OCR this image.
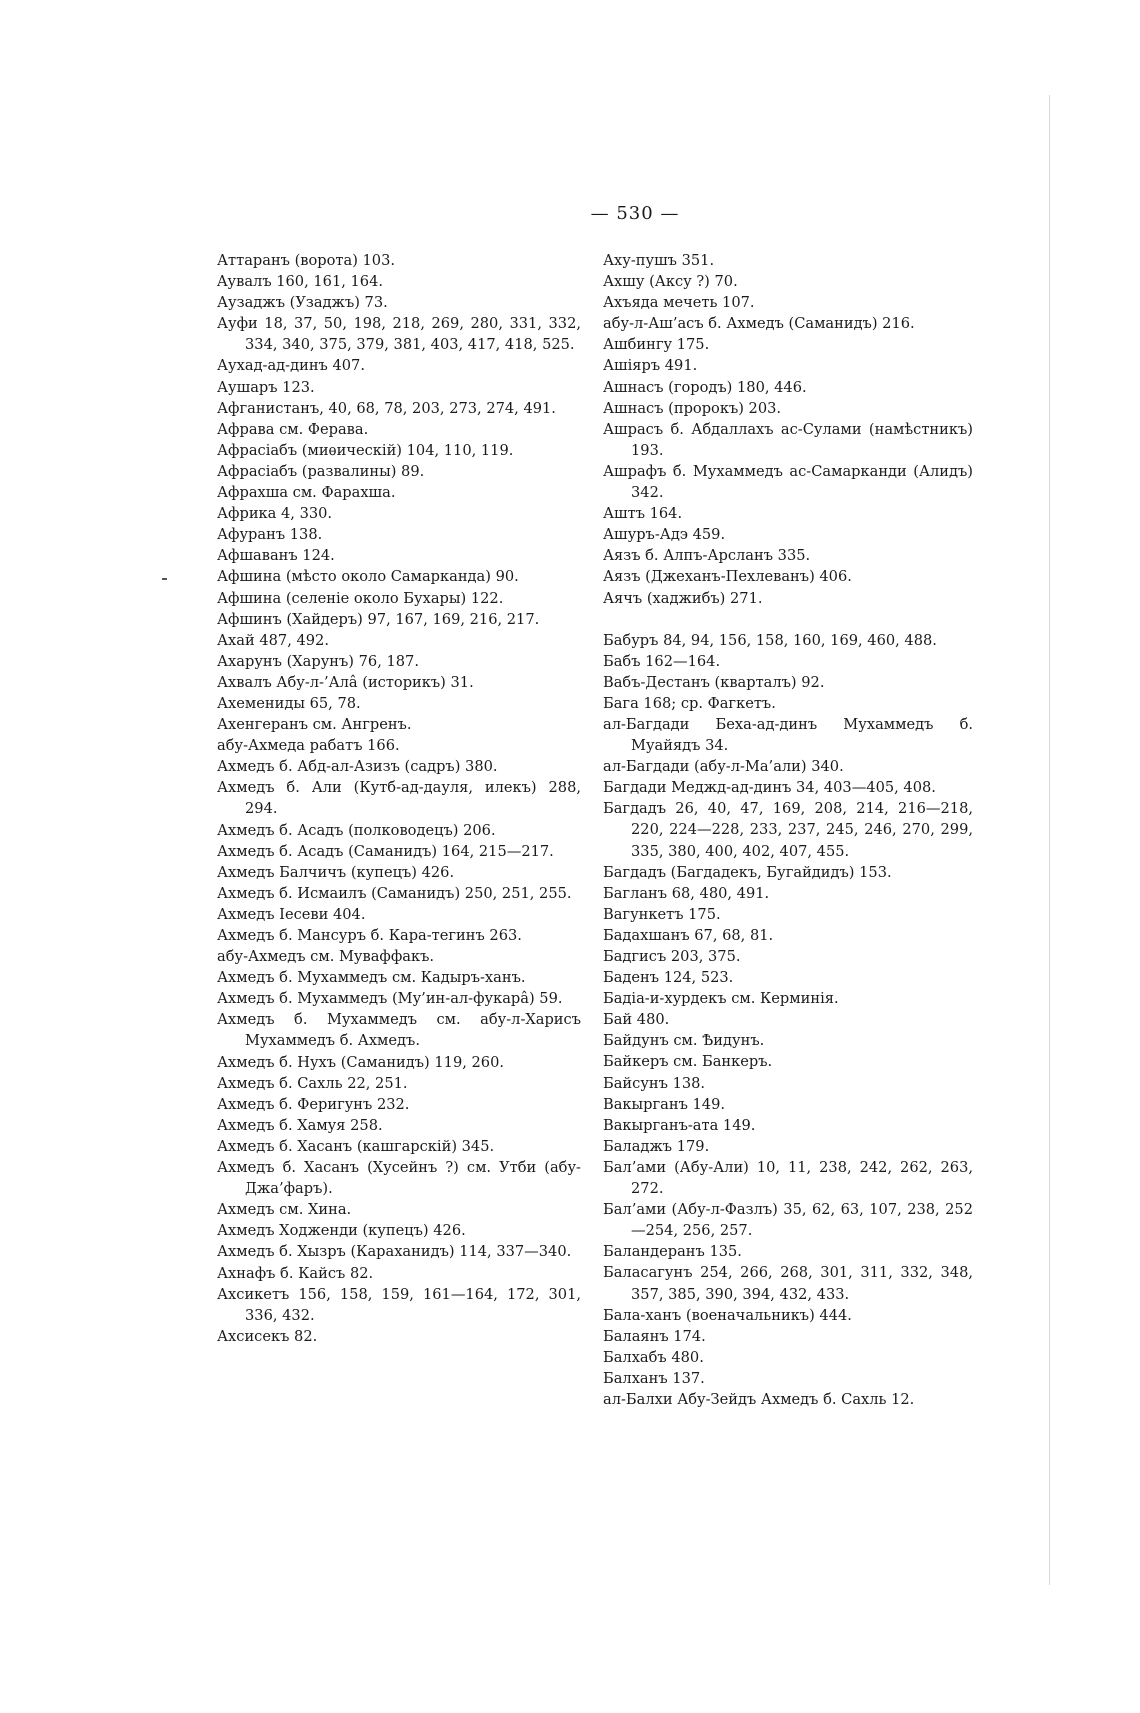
— 530 —

Аттаранъ (ворота) 103.

Aувалъ 160, 161, 164.

Аузаджъ (Узаджъ) 73.

Ауфи 18, 37, 50, 198, 218, 269, 280, 331, 332, 334, 340, 375, 379, 381, 403, 417, 418, 525.

Аухад-ад-динъ 407.

Аушаръ 123.

Афганистанъ, 40, 68, 78, 203, 273, 274, 491.

Афрава см. Ферава.

Афрасіабъ (миѳическій) 104, 110, 119.

Афрасіабъ (развалины) 89.

Афрахша см. Фарахша.

Африка 4, 330.

Афуранъ 138.

Афшаванъ 124.

Афшина (мѣсто около Самарканда) 90.

Афшина (селеніе около Бухары) 122.

Афшинъ (Хайдеръ) 97, 167, 169, 216, 217.

Ахай 487, 492.

Ахарунъ (Харунъ) 76, 187.

Ахвалъ Абу-л-’Алâ (историкъ) 31.

Ахемениды 65, 78.

Ахенгеранъ см. Ангренъ.

абу-Ахмеда рабатъ 166.

Ахмедъ б. Абд-ал-Азизъ (садръ) 380.

Ахмедъ б. Али (Кутб-ад-дауля, илекъ) 288, 294.

Ахмедъ б. Асадъ (полководецъ) 206.

Ахмедъ б. Асадъ (Саманидъ) 164, 215—217.

Ахмедъ Балчичъ (купецъ) 426.

Ахмедъ б. Исмаилъ (Саманидъ) 250, 251, 255.

Ахмедъ Іесеви 404.

Ахмедъ б. Мансуръ б. Кара-тегинъ 263.

абу-Ахмедъ см. Муваффакъ.

Ахмедъ б. Мухаммедъ см. Кадыръ-ханъ.

Ахмедъ б. Мухаммедъ (Му’ин-ал-фукарâ) 59.

Ахмедъ б. Мухаммедъ см. абу-л-Харисъ Мухаммедъ б. Ахмедъ.

Ахмедъ б. Нухъ (Саманидъ) 119, 260.

Ахмедъ б. Сахль 22, 251.

Ахмедъ б. Феригунъ 232.

Ахмедъ б. Хамуя 258.

Ахмедъ б. Хасанъ (кашгарскій) 345.

Ахмедъ б. Хасанъ (Хусейнъ ?) см. Утби (абу-Джа’фаръ).

Ахмедъ см. Хина.

Ахмедъ Ходженди (купецъ) 426.

Ахмедъ б. Хызръ (Караханидъ) 114, 337—340.

Ахнафъ б. Кайсъ 82.

Ахсикетъ 156, 158, 159, 161—164, 172, 301, 336, 432.

Ахсисекъ 82.

Аху-пушъ 351.

Ахшу (Аксу ?) 70.

Ахъяда мечеть 107.

абу-л-Аш’асъ б. Ахмедъ (Саманидъ) 216.

Ашбингу 175.

Ашіяръ 491.

Ашнасъ (городъ) 180, 446.

Ашнасъ (пророкъ) 203.

Ашрасъ б. Абдаллахъ ас-Сулами (намѣстникъ) 193.

Ашрафъ б. Мухаммедъ ас-Самарканди (Алидъ) 342.

Аштъ 164.

Ашуръ-Адэ 459.

Аязъ б. Алпъ-Арсланъ 335.

Аязъ (Джеханъ-Пехлеванъ) 406.

Аячъ (хаджибъ) 271.

Бабуръ 84, 94, 156, 158, 160, 169, 460, 488.

Бабъ 162—164.

Вабъ-Дестанъ (кварталъ) 92.

Бага 168; ср. Фагкетъ.

ал-Багдади Беха-ад-динъ Мухаммедъ б. Муайядъ 34.

ал-Багдади (абу-л-Ма’али) 340.

Багдади Меджд-ад-динъ 34, 403—405, 408.

Багдадъ 26, 40, 47, 169, 208, 214, 216—218, 220, 224—228, 233, 237, 245, 246, 270, 299, 335, 380, 400, 402, 407, 455.

Багдадъ (Багдадекъ, Бугайдидъ) 153.

Багланъ 68, 480, 491.

Вагункетъ 175.

Бадахшанъ 67, 68, 81.

Бадгисъ 203, 375.

Баденъ 124, 523.

Бадіа-и-хурдекъ см. Керминія.

Бай 480.

Байдунъ см. Ѣидунъ.

Байкеръ см. Банкеръ.

Байсунъ 138.

Вакырганъ 149.

Вакырганъ-ата 149.

Баладжъ 179.

Бал’ами (Абу-Али) 10, 11, 238, 242, 262, 263, 272.

Бал’ами (Абу-л-Фазлъ) 35, 62, 63, 107, 238, 252—254, 256, 257.

Баландеранъ 135.

Баласагунъ 254, 266, 268, 301, 311, 332, 348, 357, 385, 390, 394, 432, 433.

Бала-ханъ (военачальникъ) 444.

Балаянъ 174.

Балхабъ 480.

Балханъ 137.

ал-Балхи Абу-Зейдъ Ахмедъ б. Сахль 12.
